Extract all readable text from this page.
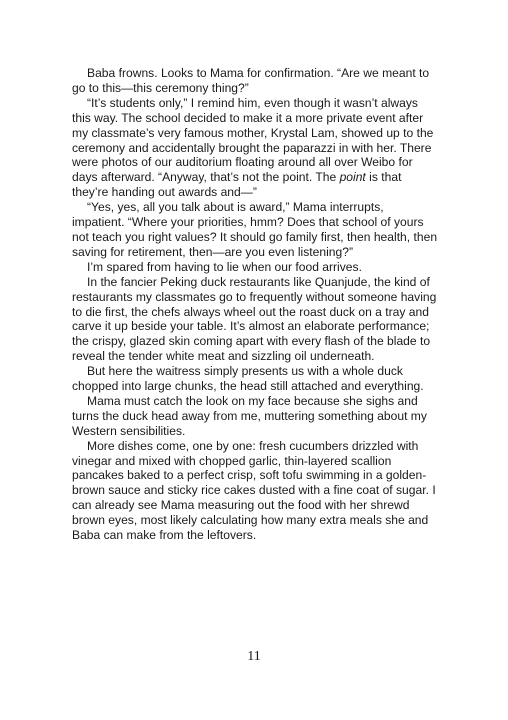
Baba frowns. Looks to Mama for confirmation. “Are we meant to go to this—this ceremony thing?”

“It’s students only,” I remind him, even though it wasn’t always this way. The school decided to make it a more private event after my classmate’s very famous mother, Krystal Lam, showed up to the ceremony and accidentally brought the paparazzi in with her. There were photos of our auditorium floating around all over Weibo for days afterward. “Anyway, that’s not the point. The point is that they’re handing out awards and—”

“Yes, yes, all you talk about is award,” Mama interrupts, impatient. “Where your priorities, hmm? Does that school of yours not teach you right values? It should go family first, then health, then saving for retirement, then—are you even listening?”

I’m spared from having to lie when our food arrives.

In the fancier Peking duck restaurants like Quanjude, the kind of restaurants my classmates go to frequently without someone having to die first, the chefs always wheel out the roast duck on a tray and carve it up beside your table. It’s almost an elaborate performance; the crispy, glazed skin coming apart with every flash of the blade to reveal the tender white meat and sizzling oil underneath.

But here the waitress simply presents us with a whole duck chopped into large chunks, the head still attached and everything.

Mama must catch the look on my face because she sighs and turns the duck head away from me, muttering something about my Western sensibilities.

More dishes come, one by one: fresh cucumbers drizzled with vinegar and mixed with chopped garlic, thin-layered scallion pancakes baked to a perfect crisp, soft tofu swimming in a golden-brown sauce and sticky rice cakes dusted with a fine coat of sugar. I can already see Mama measuring out the food with her shrewd brown eyes, most likely calculating how many extra meals she and Baba can make from the leftovers.

11
